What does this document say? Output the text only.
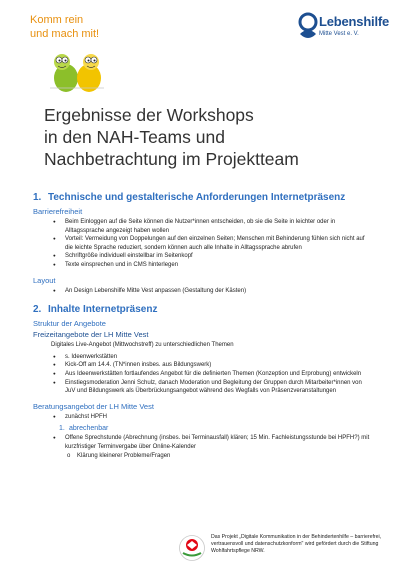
Komm rein
und mach mit!
Lebenshilfe
Mitte Vest e. V.
Ergebnisse der Workshops
in den NAH-Teams und
Nachbetrachtung im Projektteam
1. Technische und gestalterische Anforderungen Internetpräsenz
Barrierefreiheit
● Beim Einloggen auf die Seite können die Nutzer*innen entscheiden, ob sie die Seite in leichter oder in Alltagssprache angezeigt haben wollen
● Vorteil: Vermeidung von Doppelungen auf den einzelnen Seiten; Menschen mit Behinderung fühlen sich nicht auf die leichte Sprache reduziert, sondern können auch alle Inhalte in Alltagssprache abrufen
● Schriftgröße individuell einstellbar im Seitenkopf
● Texte einsprechen und in CMS hinterlegen
Layout
● An Design Lebenshilfe Mitte Vest anpassen (Gestaltung der Kästen)
2. Inhalte Internetpräsenz
Struktur der Angebote
Freizeitangebote der LH Mitte Vest
Digitales Live-Angebot (Mittwochstreff) zu unterschiedlichen Themen
● s. Ideenwerkstätten
● Kick-Off am 14.4. (TN*innen insbes. aus Bildungswerk)
● Aus Ideenwerkstätten fortlaufendes Angebot für die definierten Themen (Konzeption und Erprobung) entwickeln
● Einstiegsmoderation Jenni Schulz, danach Moderation und Begleitung der Gruppen durch Mitarbeiter*innen von JuV und Bildungswerk als Überbrückungsangebot während des Wegfalls von Präsenzveranstaltungen
Beratungsangebot der LH Mitte Vest
● zunächst HPFH
1. abrechenbar
● Offene Sprechstunde (Abrechnung (insbes. bei Terminausfall) klären; 15 Min. Fachleistungsstunde bei HPFH?) mit kurzfristiger Terminvergabe über Online-Kalender
o Klärung kleinerer Probleme/Fragen
Das Projekt „Digitale Kommunikation in der Behindertenhilfe – barrierefrei, vertrauensvoll und datenschutzkonform" wird gefördert durch die Stiftung Wohlfahrtspflege NRW.
